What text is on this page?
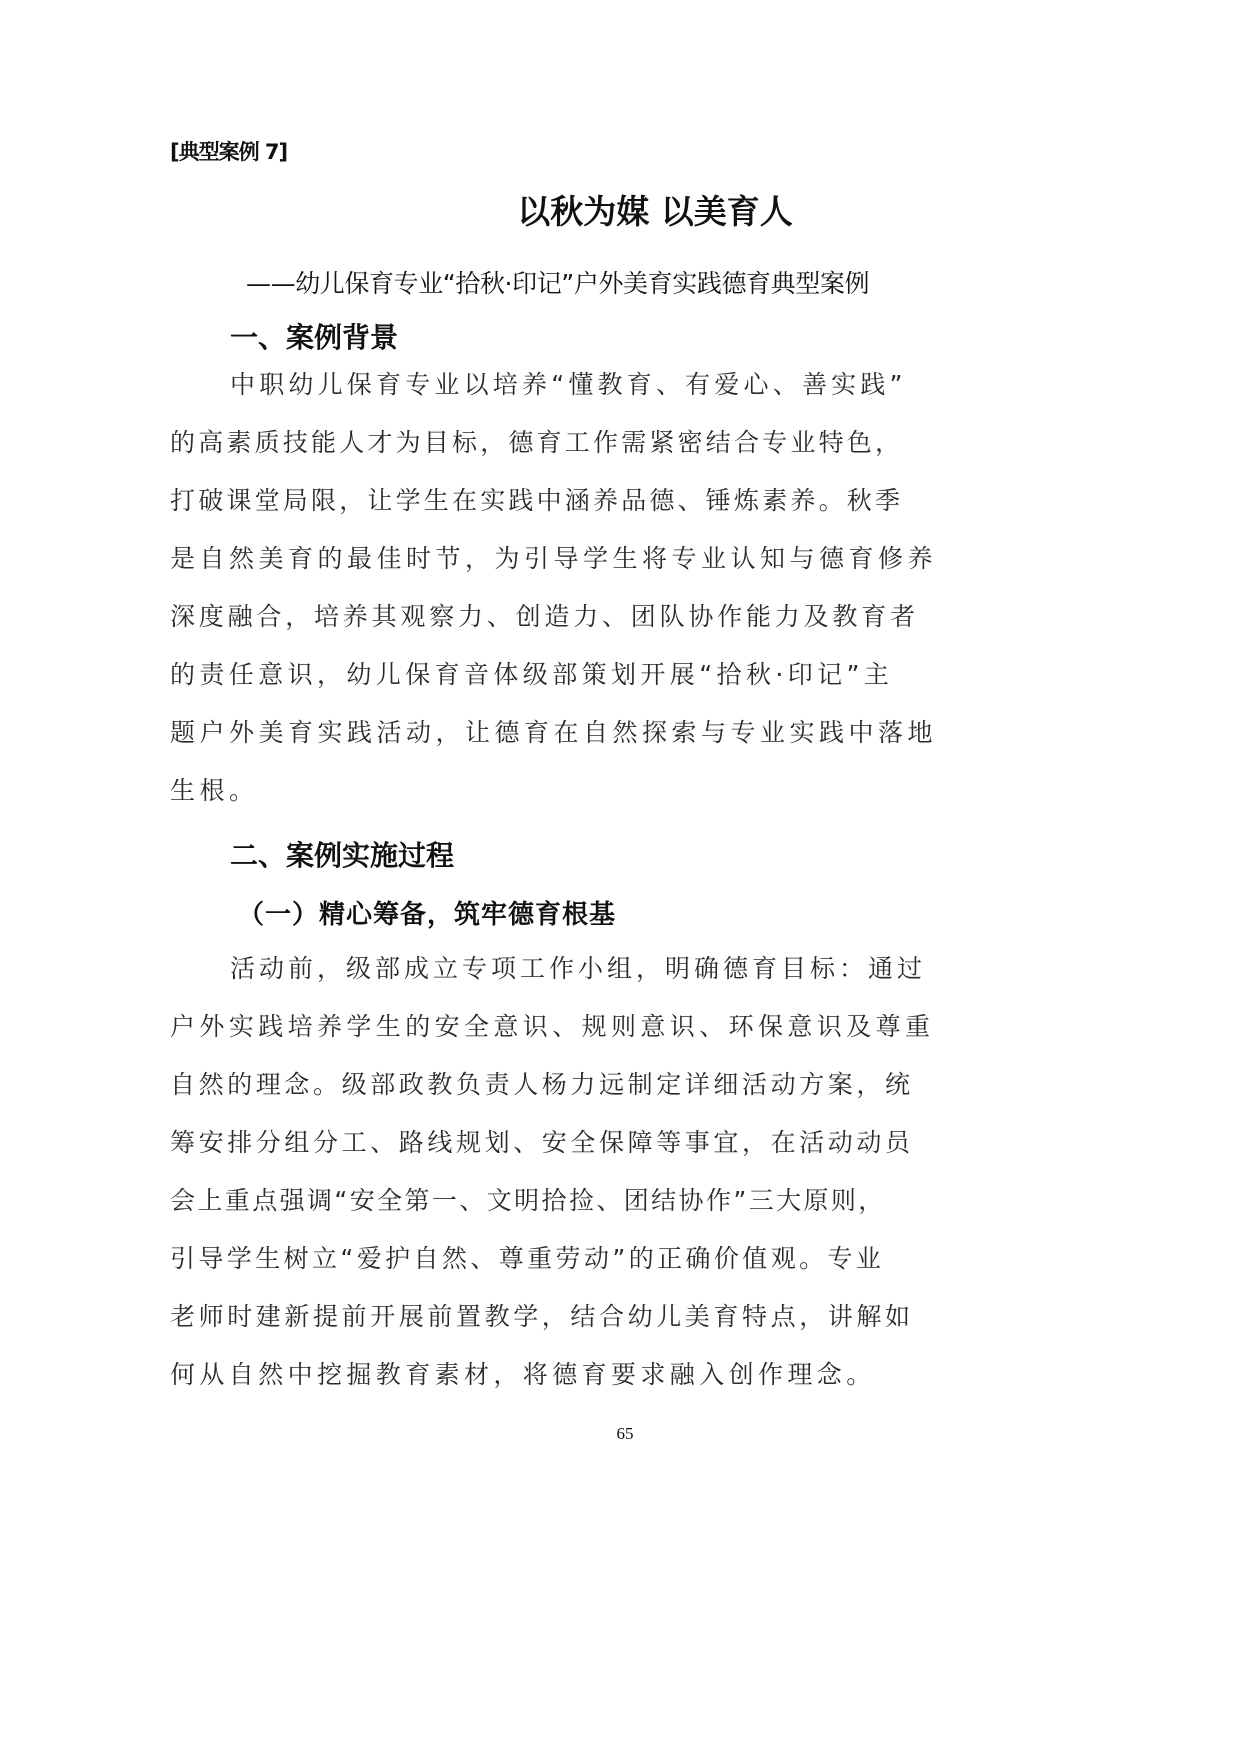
[典型案例 7]
以秋为媒 以美育人
——幼儿保育专业“拾秋·印记”户外美育实践德育典型案例
一、案例背景
中职幼儿保育专业以培养“懂教育、有爱心、善实践”
的高素质技能人才为目标，德育工作需紧密结合专业特色，
打破课堂局限，让学生在实践中涵养品德、锤炼素养。秋季
是自然美育的最佳时节，为引导学生将专业认知与德育修养
深度融合，培养其观察力、创造力、团队协作能力及教育者
的责任意识，幼儿保育音体级部策划开展“拾秋·印记”主
题户外美育实践活动，让德育在自然探索与专业实践中落地
生根。
二、案例实施过程
（一）精心筹备，筑牢德育根基
活动前，级部成立专项工作小组，明确德育目标：通过
户外实践培养学生的安全意识、规则意识、环保意识及尊重
自然的理念。级部政教负责人杨力远制定详细活动方案，统
筹安排分组分工、路线规划、安全保障等事宜，在活动动员
会上重点强调“安全第一、文明拾捡、团结协作”三大原则，
引导学生树立“爱护自然、尊重劳动”的正确价值观。专业
老师时建新提前开展前置教学，结合幼儿美育特点，讲解如
何从自然中挖掘教育素材，将德育要求融入创作理念。
65
